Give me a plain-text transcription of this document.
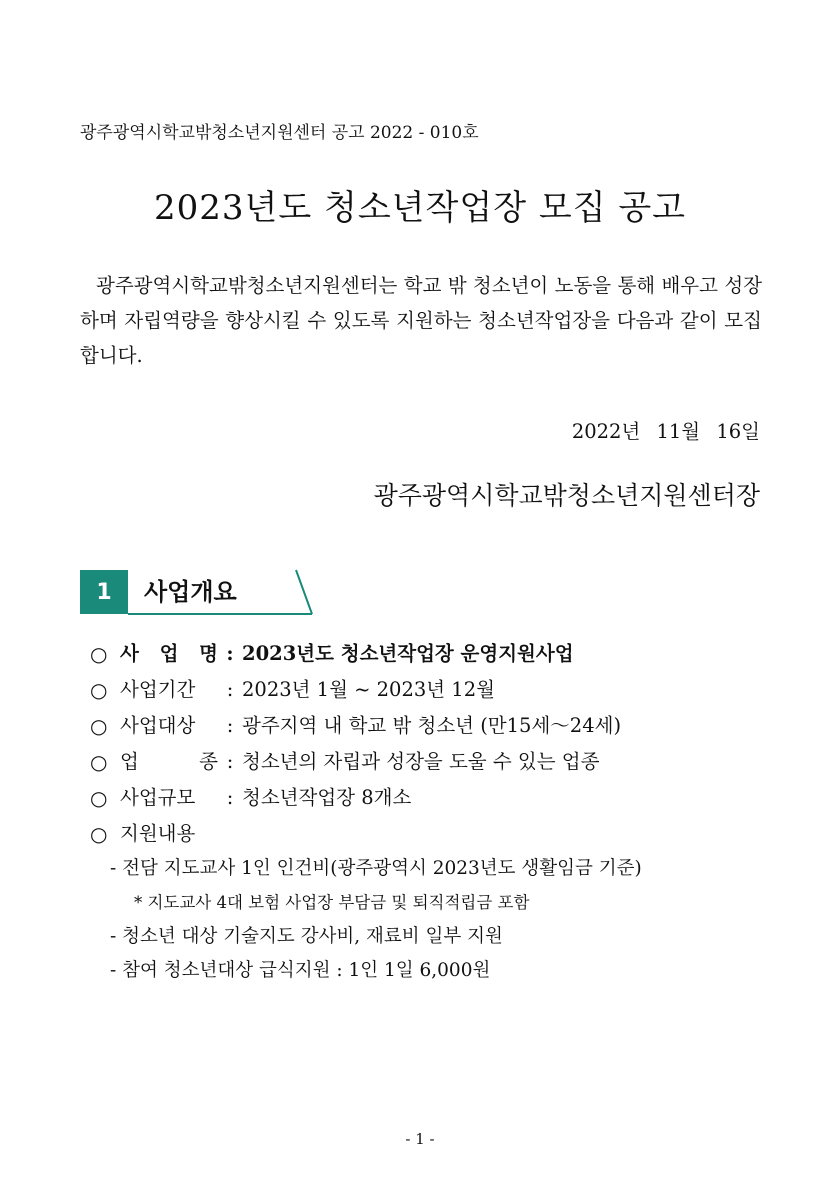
광주광역시학교밖청소년지원센터 공고 2022 - 010호
2023년도 청소년작업장 모집 공고
광주광역시학교밖청소년지원센터는 학교 밖 청소년이 노동을 통해 배우고 성장하며 자립역량을 향상시킬 수 있도록 지원하는 청소년작업장을 다음과 같이 모집합니다.
2022년 11월 16일
광주광역시학교밖청소년지원센터장
1	사업개요
○ 사 업 명 : 2023년도 청소년작업장 운영지원사업
○ 사업기간	: 2023년 1월 ~ 2023년 12월
○ 사업대상	: 광주지역 내 학교 밖 청소년 (만15세～24세)
○ 업	종 : 청소년의 자립과 성장을 도울 수 있는 업종
○ 사업규모	: 청소년작업장 8개소
○ 지원내용
- 전담 지도교사 1인 인건비(광주광역시 2023년도 생활임금 기준)
* 지도교사 4대 보험 사업장 부담금 및 퇴직적립금 포함
- 청소년 대상 기술지도 강사비, 재료비 일부 지원
- 참여 청소년대상 급식지원 : 1인 1일 6,000원
- 1 -
